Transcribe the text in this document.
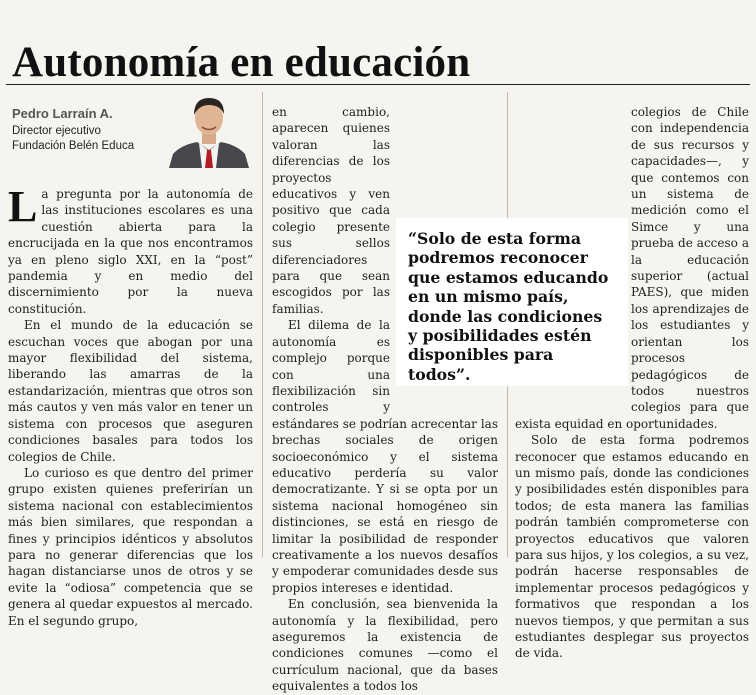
Autonomía en educación
Pedro Larraín A.
Director ejecutivo
Fundación Belén Educa
L a pregunta por la autonomía de las instituciones escolares es una cuestión abierta para la encrucijada en la que nos encontramos ya en pleno siglo XXI, en la “post” pandemia y en medio del discernimiento por la nueva constitución.

En el mundo de la educación se escuchan voces que abogan por una mayor flexibilidad del sistema, liberando las amarras de la estandarización, mientras que otros son más cautos y ven más valor en tener un sistema con procesos que aseguren condiciones basales para todos los colegios de Chile.

Lo curioso es que dentro del primer grupo existen quienes preferirían un sistema nacional con establecimientos más bien similares, que respondan a fines y principios idénticos y absolutos para no generar diferencias que los hagan distanciarse unos de otros y se evite la “odiosa” competencia que se genera al quedar expuestos al mercado. En el segundo grupo,

en cambio, aparecen quienes valoran las diferencias de los proyectos educativos y ven positivo que cada colegio presente sus sellos diferenciadores para que sean escogidos por las familias.

El dilema de la autonomía es complejo porque con una flexibilización sin controles y estándares se podrían acrecentar las brechas sociales de origen socioeconómico y el sistema educativo perdería su valor democratizante. Y si se opta por un sistema nacional homogéneo sin distinciones, se está en riesgo de limitar la posibilidad de responder creativamente a los nuevos desafíos y empoderar comunidades desde sus propios intereses e identidad.

En conclusión, sea bienvenida la autonomía y la flexibilidad, pero aseguremos la existencia de condiciones comunes —como el currículum nacional, que da bases equivalentes a todos los

colegios de Chile con independencia de sus recursos y capacidades—, y que contemos con un sistema de medición como el Simce y una prueba de acceso a la educación superior (actual PAES), que miden los aprendizajes de los estudiantes y orientan los procesos pedagógicos de todos nuestros colegios para que exista equidad en oportunidades.

Solo de esta forma podremos reconocer que estamos educando en un mismo país, donde las condiciones y posibilidades estén disponibles para todos; de esta manera las familias podrán también comprometerse con proyectos educativos que valoren para sus hijos, y los colegios, a su vez, podrán hacerse responsables de implementar procesos pedagógicos y formativos que respondan a los nuevos tiempos, y que permitan a sus estudiantes desplegar sus proyectos de vida.

“Solo de esta forma podremos reconocer que estamos educando en un mismo país, donde las condiciones y posibilidades estén disponibles para todos”.
